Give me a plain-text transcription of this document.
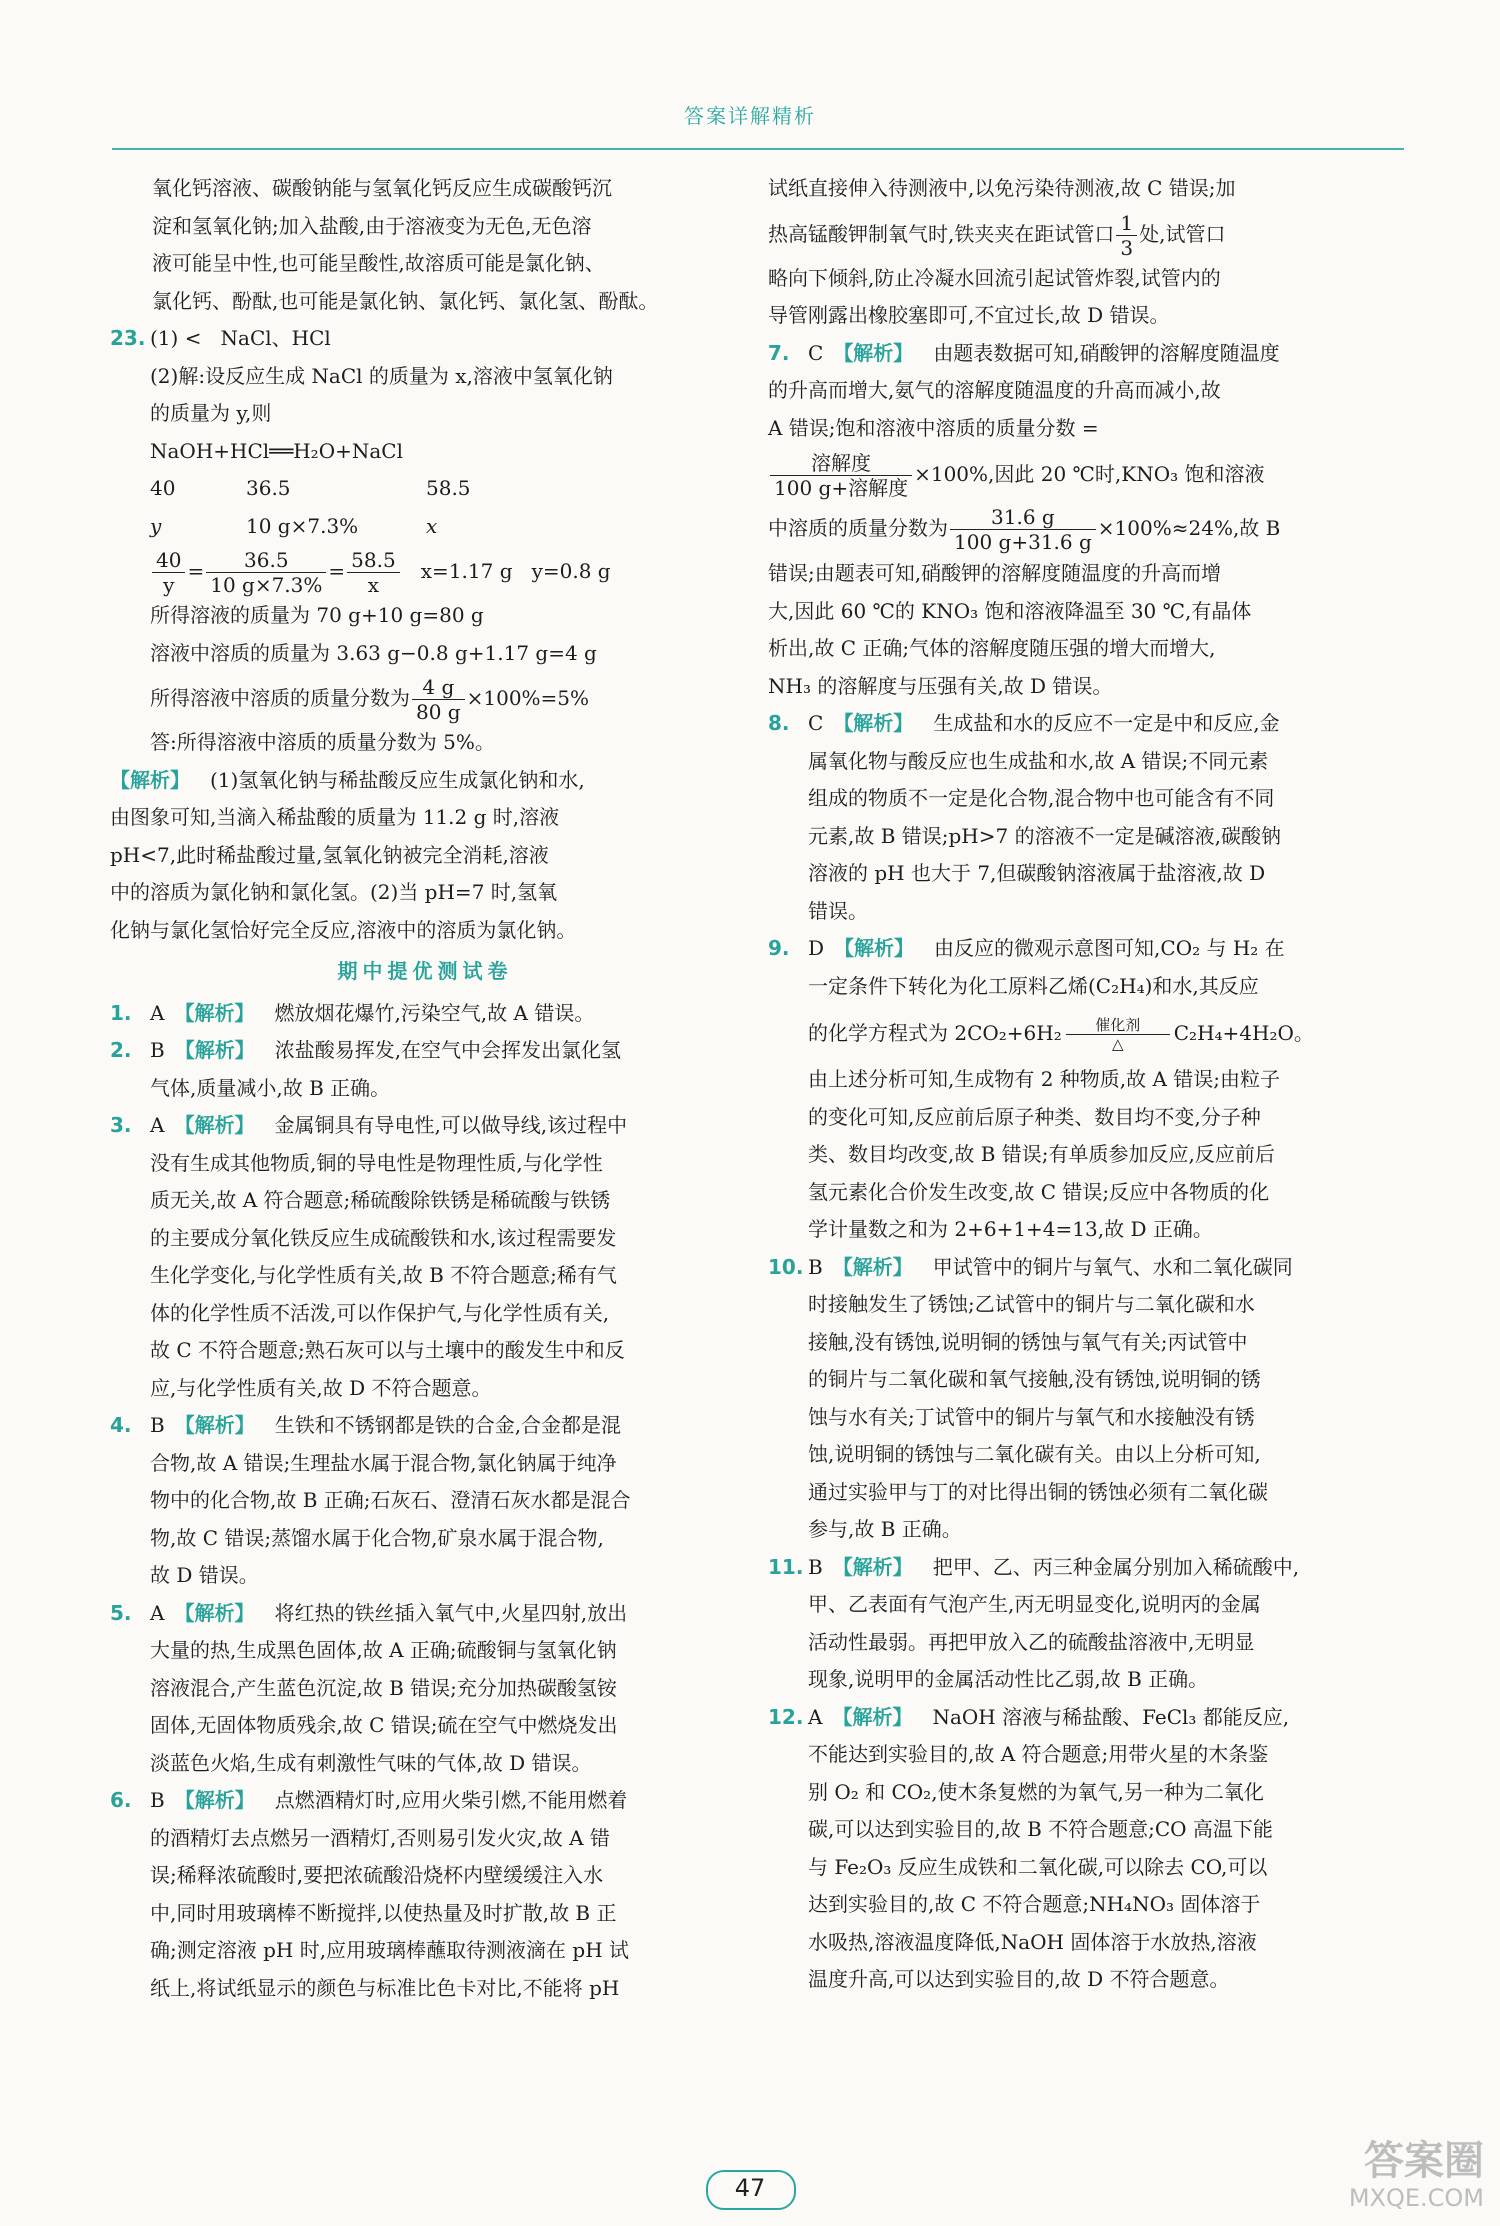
答案详解精析

氧化钙溶液、碳酸钠能与氢氧化钙反应生成碳酸钙沉

淀和氢氧化钠;加入盐酸,由于溶液变为无色,无色溶

液可能呈中性,也可能呈酸性,故溶质可能是氯化钠、

氯化钙、酚酞,也可能是氯化钠、氯化钙、氯化氢、酚酞。

23. (1) < NaCl、HCl

(2)解:设反应生成 NaCl 的质量为 x,溶液中氢氧化钠

的质量为 y,则

NaOH+HCl══H₂O+NaCl

40	36.5	58.5

y	10 g×7.3%	x

$\frac{40}{y} = \frac{36.5}{10 g\times 7.3\%} = \frac{58.5}{x} x=1.17$ g   y=0.8 g

所得溶液的质量为 70 g+10 g=80 g

溶液中溶质的质量为 3.63 g−0.8 g+1.17 g=4 g

所得溶液中溶质的质量分数为 $\frac{4 g}{80 g} \times 100\%=5\%$

答:所得溶液中溶质的质量分数为 5%。

【解析】 (1)氢氧化钠与稀盐酸反应生成氯化钠和水,

由图象可知,当滴入稀盐酸的质量为 11.2 g 时,溶液

pH<7,此时稀盐酸过量,氢氧化钠被完全消耗,溶液

中的溶质为氯化钠和氯化氢。(2)当 pH=7 时,氢氧

化钠与氯化氢恰好完全反应,溶液中的溶质为氯化钠。

期中提优测试卷
1. A 【解析】 燃放烟花爆竹,污染空气,故 A 错误。

2. B 【解析】 浓盐酸易挥发,在空气中会挥发出氯化氢

气体,质量减小,故 B 正确。

3. A 【解析】 金属铜具有导电性,可以做导线,该过程中

没有生成其他物质,铜的导电性是物理性质,与化学性

质无关,故 A 符合题意;稀硫酸除铁锈是稀硫酸与铁锈

的主要成分氧化铁反应生成硫酸铁和水,该过程需要发

生化学变化,与化学性质有关,故 B 不符合题意;稀有气

体的化学性质不活泼,可以作保护气,与化学性质有关,

故 C 不符合题意;熟石灰可以与土壤中的酸发生中和反

应,与化学性质有关,故 D 不符合题意。

4. B 【解析】 生铁和不锈钢都是铁的合金,合金都是混

合物,故 A 错误;生理盐水属于混合物,氯化钠属于纯净

物中的化合物,故 B 正确;石灰石、澄清石灰水都是混合

物,故 C 错误;蒸馏水属于化合物,矿泉水属于混合物,

故 D 错误。

5. A 【解析】 将红热的铁丝插入氧气中,火星四射,放出

大量的热,生成黑色固体,故 A 正确;硫酸铜与氢氧化钠

溶液混合,产生蓝色沉淀,故 B 错误;充分加热碳酸氢铵

固体,无固体物质残余,故 C 错误;硫在空气中燃烧发出

淡蓝色火焰,生成有刺激性气味的气体,故 D 错误。

6. B 【解析】 点燃酒精灯时,应用火柴引燃,不能用燃着

的酒精灯去点燃另一酒精灯,否则易引发火灾,故 A 错

误;稀释浓硫酸时,要把浓硫酸沿烧杯内壁缓缓注入水

中,同时用玻璃棒不断搅拌,以使热量及时扩散,故 B 正

确;测定溶液 pH 时,应用玻璃棒蘸取待测液滴在 pH 试

纸上,将试纸显示的颜色与标准比色卡对比,不能将 pH

试纸直接伸入待测液中,以免污染待测液,故 C 错误;加

热高锰酸钾制氧气时,铁夹夹在距试管口 $\frac{1}{3}$ 处,试管口

略向下倾斜,防止冷凝水回流引起试管炸裂,试管内的

导管刚露出橡胶塞即可,不宜过长,故 D 错误。

7. C 【解析】 由题表数据可知,硝酸钾的溶解度随温度

的升高而增大,氨气的溶解度随温度的升高而减小,故

A 错误;饱和溶液中溶质的质量分数 =

$\frac{\text{溶解度}}{\text{100 g+溶解度}} \times 100\%$,因此 20 ℃时,KNO₃ 饱和溶液

中溶质的质量分数为 $\frac{31.6 g}{100 g+31.6 g} \times 100\%\approx 24\%$,故 B

错误;由题表可知,硝酸钾的溶解度随温度的升高而增

大,因此 60 ℃的 KNO₃ 饱和溶液降温至 30 ℃,有晶体

析出,故 C 正确;气体的溶解度随压强的增大而增大,

NH₃ 的溶解度与压强有关,故 D 错误。

8. C 【解析】 生成盐和水的反应不一定是中和反应,金

属氧化物与酸反应也生成盐和水,故 A 错误;不同元素

组成的物质不一定是化合物,混合物中也可能含有不同

元素,故 B 错误;pH>7 的溶液不一定是碱溶液,碳酸钠

溶液的 pH 也大于 7,但碳酸钠溶液属于盐溶液,故 D

错误。

9. D 【解析】 由反应的微观示意图可知,CO₂ 与 H₂ 在

一定条件下转化为化工原料乙烯(C₂H₄)和水,其反应

的化学方程式为 2CO₂+6H₂	催化剂
△	C₂H₄+4H₂O。

由上述分析可知,生成物有 2 种物质,故 A 错误;由粒子

的变化可知,反应前后原子种类、数目均不变,分子种

类、数目均改变,故 B 错误;有单质参加反应,反应前后

氢元素化合价发生改变,故 C 错误;反应中各物质的化

学计量数之和为 2+6+1+4=13,故 D 正确。

10. B 【解析】 甲试管中的铜片与氧气、水和二氧化碳同

时接触发生了锈蚀;乙试管中的铜片与二氧化碳和水

接触,没有锈蚀,说明铜的锈蚀与氧气有关;丙试管中

的铜片与二氧化碳和氧气接触,没有锈蚀,说明铜的锈

蚀与水有关;丁试管中的铜片与氧气和水接触没有锈

蚀,说明铜的锈蚀与二氧化碳有关。由以上分析可知,

通过实验甲与丁的对比得出铜的锈蚀必须有二氧化碳

参与,故 B 正确。

11. B 【解析】 把甲、乙、丙三种金属分别加入稀硫酸中,

甲、乙表面有气泡产生,丙无明显变化,说明丙的金属

活动性最弱。再把甲放入乙的硫酸盐溶液中,无明显

现象,说明甲的金属活动性比乙弱,故 B 正确。

12. A 【解析】 NaOH 溶液与稀盐酸、FeCl₃ 都能反应,

不能达到实验目的,故 A 符合题意;用带火星的木条鉴

别 O₂ 和 CO₂,使木条复燃的为氧气,另一种为二氧化

碳,可以达到实验目的,故 B 不符合题意;CO 高温下能

与 Fe₂O₃ 反应生成铁和二氧化碳,可以除去 CO,可以

达到实验目的,故 C 不符合题意;NH₄NO₃ 固体溶于

水吸热,溶液温度降低,NaOH 固体溶于水放热,溶液

温度升高,可以达到实验目的,故 D 不符合题意。

47
答案圈
MXQE.COM
